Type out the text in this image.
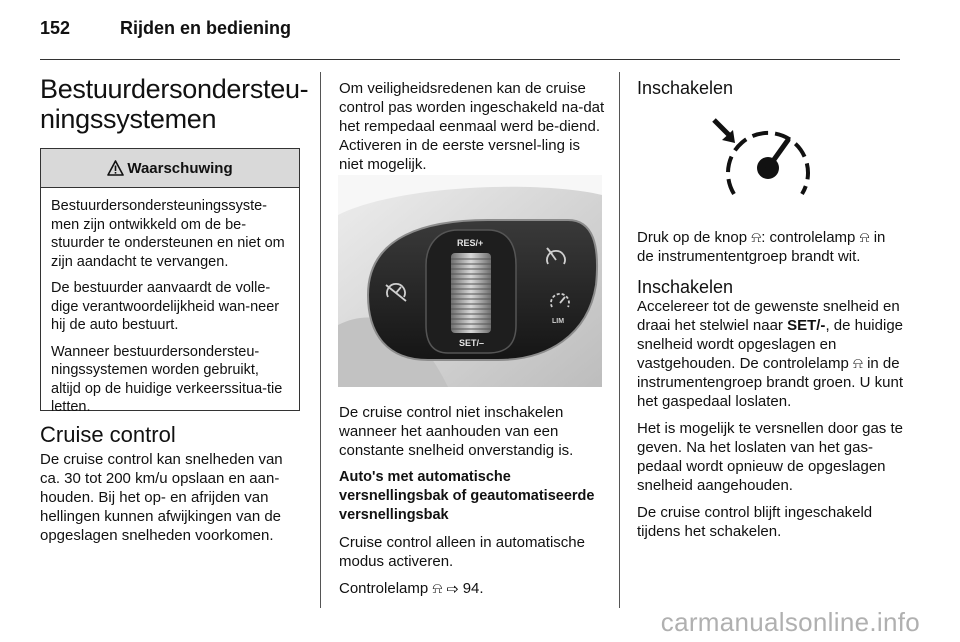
152	Rijden en bediening
Bestuurdersondersteu-
ningssystemen
Waarschuwing

Bestuurdersondersteuningssyste-men zijn ontwikkeld om de be-stuurder te ondersteunen en niet om zijn aandacht te vervangen.

De bestuurder aanvaardt de volle-dige verantwoordelijkheid wan-neer hij de auto bestuurt.

Wanneer bestuurdersondersteu-ningssystemen worden gebruikt, altijd op de huidige verkeerssitua-tie letten.

Cruise control

De cruise control kan snelheden van ca. 30 tot 200 km/u opslaan en aan-houden. Bij het op- en afrijden van hellingen kunnen afwijkingen van de opgeslagen snelheden voorkomen.

Om veiligheidsredenen kan de cruise control pas worden ingeschakeld na-dat het rempedaal eenmaal werd be-diend. Activeren in de eerste versnel-ling is niet mogelijk.

RES/+
SET/–
LIM

De cruise control niet inschakelen wanneer het aanhouden van een constante snelheid onverstandig is.

Auto's met automatische versnellingsbak of geautomatiseerde versnellingsbak

Cruise control alleen in automatische modus activeren.

Controlelamp ⍾ ⇨ 94.

Inschakelen

Druk op de knop ⍾: controlelamp ⍾ in de instrumententgroep brandt wit.

Inschakelen

Accelereer tot de gewenste snelheid en draai het stelwiel naar SET/-, de huidige snelheid wordt opgeslagen en vastgehouden. De controlelamp ⍾ in de instrumentengroep brandt groen. U kunt het gaspedaal loslaten.

Het is mogelijk te versnellen door gas te geven. Na het loslaten van het gas-pedaal wordt opnieuw de opgeslagen snelheid aangehouden.

De cruise control blijft ingeschakeld tijdens het schakelen.

carmanualsonline.info
